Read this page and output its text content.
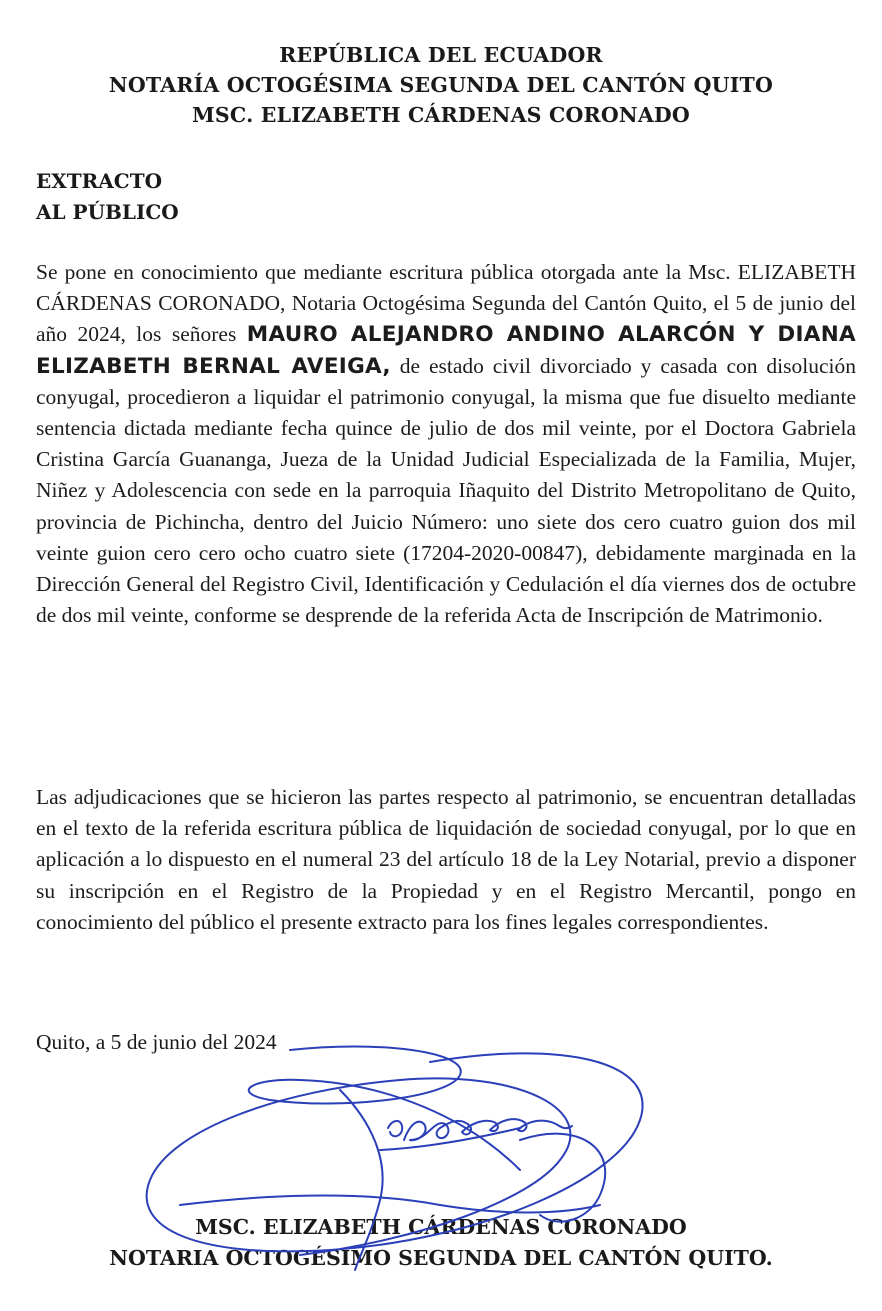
REPÚBLICA DEL ECUADOR
NOTARÍA OCTOGÉSIMA SEGUNDA DEL CANTÓN QUITO
MSC. ELIZABETH CÁRDENAS CORONADO
EXTRACTO
AL PÚBLICO
Se pone en conocimiento que mediante escritura pública otorgada ante la Msc. ELIZABETH CÁRDENAS CORONADO, Notaria Octogésima Segunda del Cantón Quito, el 5 de junio del año 2024, los señores MAURO ALEJANDRO ANDINO ALARCÓN Y DIANA ELIZABETH BERNAL AVEIGA, de estado civil divorciado y casada con disolución conyugal, procedieron a liquidar el patrimonio conyugal, la misma que fue disuelto mediante sentencia dictada mediante fecha quince de julio de dos mil veinte, por el Doctora Gabriela Cristina García Guananga, Jueza de la Unidad Judicial Especializada de la Familia, Mujer, Niñez y Adolescencia con sede en la parroquia Iñaquito del Distrito Metropolitano de Quito, provincia de Pichincha, dentro del Juicio Número: uno siete dos cero cuatro guion dos mil veinte guion cero cero ocho cuatro siete (17204-2020-00847), debidamente marginada en la Dirección General del Registro Civil, Identificación y Cedulación el día viernes dos de octubre de dos mil veinte, conforme se desprende de la referida Acta de Inscripción de Matrimonio.
Las adjudicaciones que se hicieron las partes respecto al patrimonio, se encuentran detalladas en el texto de la referida escritura pública de liquidación de sociedad conyugal, por lo que en aplicación a lo dispuesto en el numeral 23 del artículo 18 de la Ley Notarial, previo a disponer su inscripción en el Registro de la Propiedad y en el Registro Mercantil, pongo en conocimiento del público el presente extracto para los fines legales correspondientes.
Quito, a 5 de junio del 2024
MSC. ELIZABETH CÁRDENAS CORONADO
NOTARIA OCTOGÉSIMO SEGUNDA DEL CANTÓN QUITO.
